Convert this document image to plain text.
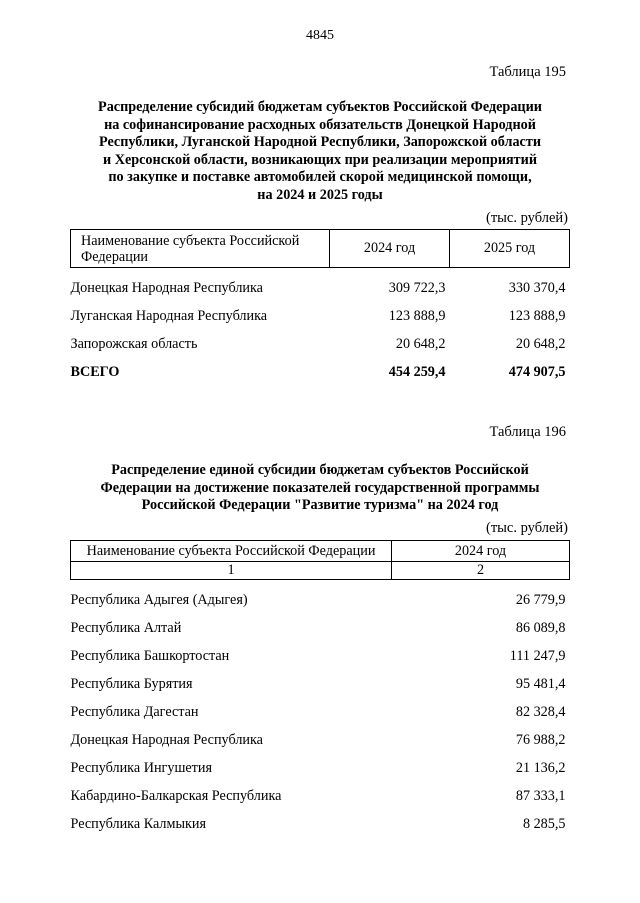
4845
Таблица 195
Распределение субсидий бюджетам субъектов Российской Федерации
на софинансирование расходных обязательств Донецкой Народной
Республики, Луганской Народной Республики, Запорожской области
и Херсонской области, возникающих при реализации мероприятий
по закупке и поставке автомобилей скорой медицинской помощи,
на 2024 и 2025 годы
(тыс. рублей)
Наименование субъекта Российской
Федерации	2024 год	2025 год

Донецкая Народная Республика	309 722,3	330 370,4
Луганская Народная Республика	123 888,9	123 888,9
Запорожская область	20 648,2	20 648,2
ВСЕГО	454 259,4	474 907,5
Таблица 196
Распределение единой субсидии бюджетам субъектов Российской
Федерации на достижение показателей государственной программы
Российской Федерации "Развитие туризма" на 2024 год
(тыс. рублей)
Наименование субъекта Российской Федерации	2024 год
1	2

Республика Адыгея (Адыгея)	26 779,9
Республика Алтай	86 089,8
Республика Башкортостан	111 247,9
Республика Бурятия	95 481,4
Республика Дагестан	82 328,4
Донецкая Народная Республика	76 988,2
Республика Ингушетия	21 136,2
Кабардино-Балкарская Республика	87 333,1
Республика Калмыкия	8 285,5
